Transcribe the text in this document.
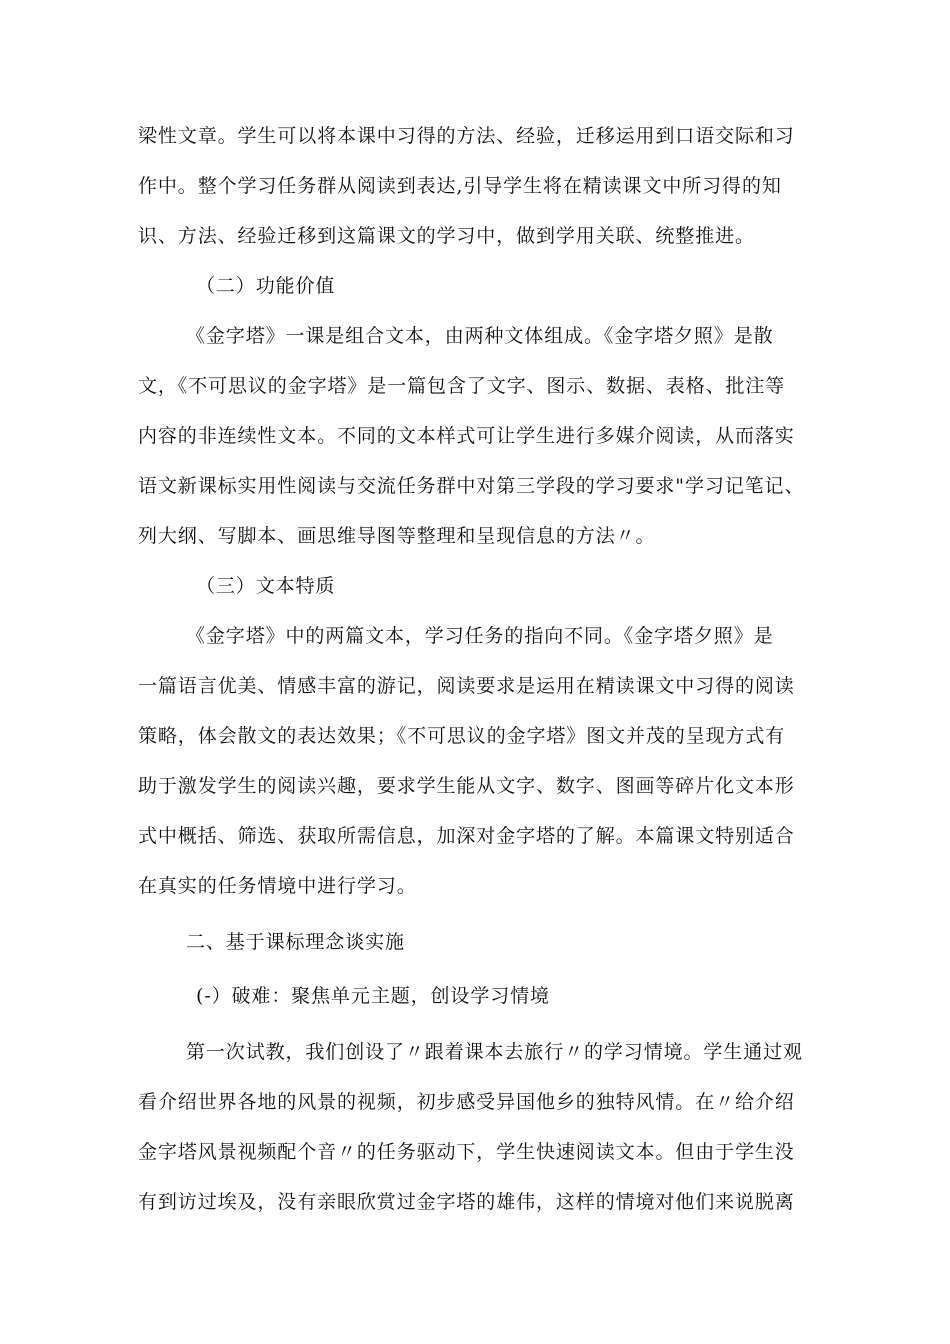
梁性文章。学生可以将本课中习得的方法、经验，迁移运用到口语交际和习
作中。整个学习任务群从阅读到表达,引导学生将在精读课文中所习得的知
识、方法、经验迁移到这篇课文的学习中，做到学用关联、统整推进。
（二）功能价值
《金字塔》一课是组合文本，由两种文体组成。《金字塔夕照》是散
文，《不可思议的金字塔》是一篇包含了文字、图示、数据、表格、批注等
内容的非连续性文本。不同的文本样式可让学生进行多媒介阅读，从而落实
语文新课标实用性阅读与交流任务群中对第三学段的学习要求"学习记笔记、
列大纲、写脚本、画思维导图等整理和呈现信息的方法〃。
（三）文本特质
《金字塔》中的两篇文本，学习任务的指向不同。《金字塔夕照》是
一篇语言优美、情感丰富的游记，阅读要求是运用在精读课文中习得的阅读
策略，体会散文的表达效果；《不可思议的金字塔》图文并茂的呈现方式有
助于激发学生的阅读兴趣，要求学生能从文字、数字、图画等碎片化文本形
式中概括、筛选、获取所需信息，加深对金字塔的了解。本篇课文特别适合
在真实的任务情境中进行学习。
二、基于课标理念谈实施
(-）破难：聚焦单元主题，创设学习情境
第一次试教，我们创设了〃跟着课本去旅行〃的学习情境。学生通过观
看介绍世界各地的风景的视频，初步感受异国他乡的独特风情。在〃给介绍
金字塔风景视频配个音〃的任务驱动下，学生快速阅读文本。但由于学生没
有到访过埃及，没有亲眼欣赏过金字塔的雄伟，这样的情境对他们来说脱离
